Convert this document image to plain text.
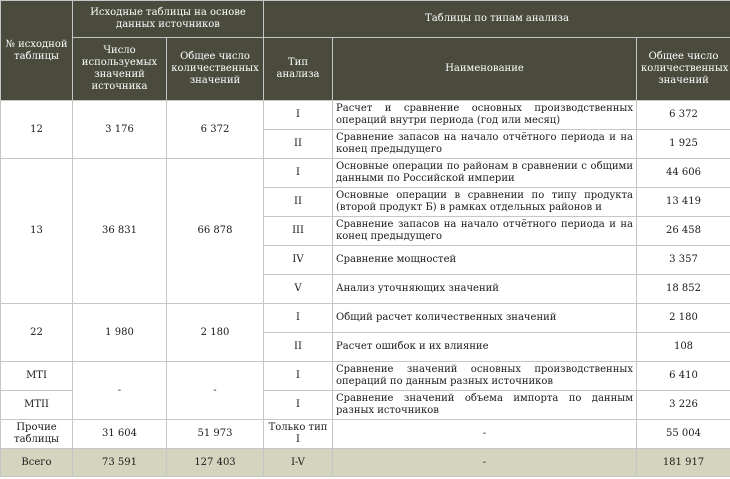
№ исходной таблицы	Исходные таблицы на основе данных источников		Таблицы по типам анализа		
	Число используемых значений источника	Общее число количественных значений	Тип анализа	Наименование	Общее число количественных значений
12	3 176	6 372	I	Расчет и сравнение основных производственных операций внутри периода (год или месяц)	6 372
			II	Сравнение запасов на начало отчётного периода и на конец предыдущего	1 925
13	36 831	66 878	I	Основные операции по районам в сравнении с общими данными по Российской империи	44 606
			II	Основные операции в сравнении по типу продукта (второй продукт Б) в рамках отдельных районов и	13 419
			III	Сравнение запасов на начало отчётного периода и на конец предыдущего	26 458
			IV	Сравнение мощностей	3 357
			V	Анализ уточняющих значений	18 852
22	1 980	2 180	I	Общий расчет количественных значений	2 180
			II	Расчет ошибок и их влияние	108
MTI	-	-	I	Сравнение значений основных производственных операций по данным разных источников	6 410
MTII			I	Сравнение значений объема импорта по данным разных источников	3 226
Прочие таблицы	31 604	51 973	Только тип I	-	55 004
Всего	73 591	127 403	I-V	-	181 917
